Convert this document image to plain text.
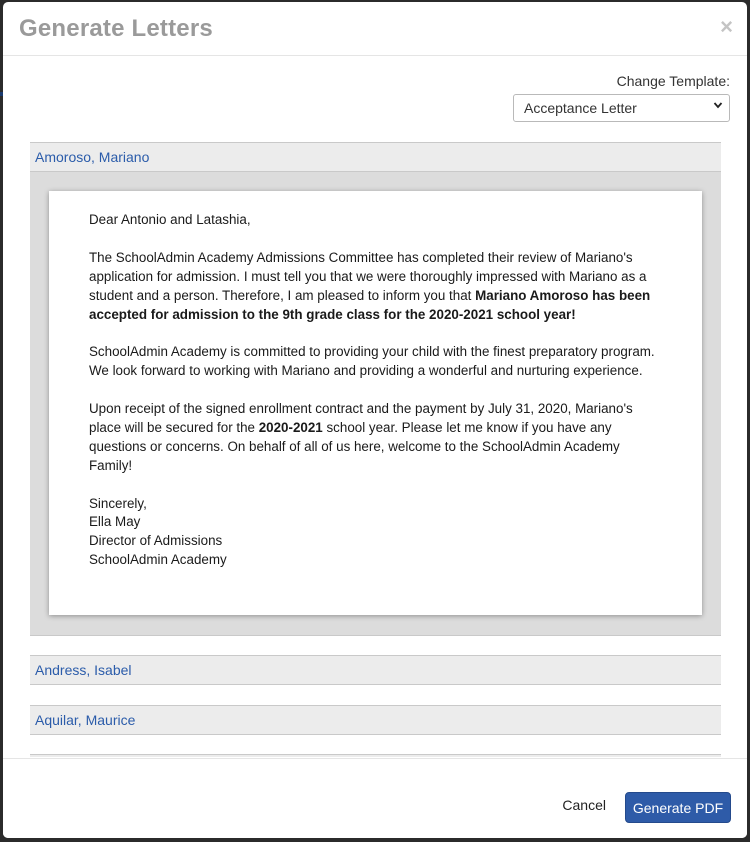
Generate Letters	×
Change Template:
Acceptance Letter
Amoroso, Mariano

Dear Antonio and Latashia,

The SchoolAdmin Academy Admissions Committee has completed their review of Mariano's application for admission. I must tell you that we were thoroughly impressed with Mariano as a student and a person. Therefore, I am pleased to inform you that Mariano Amoroso has been accepted for admission to the 9th grade class for the 2020-2021 school year!

SchoolAdmin Academy is committed to providing your child with the finest preparatory program. We look forward to working with Mariano and providing a wonderful and nurturing experience.

Upon receipt of the signed enrollment contract and the payment by July 31, 2020, Mariano's place will be secured for the 2020-2021 school year. Please let me know if you have any questions or concerns. On behalf of all of us here, welcome to the SchoolAdmin Academy Family!

Sincerely,
Ella May
Director of Admissions
SchoolAdmin Academy

Andress, Isabel
Aquilar, Maurice
Cancel	Generate PDF
